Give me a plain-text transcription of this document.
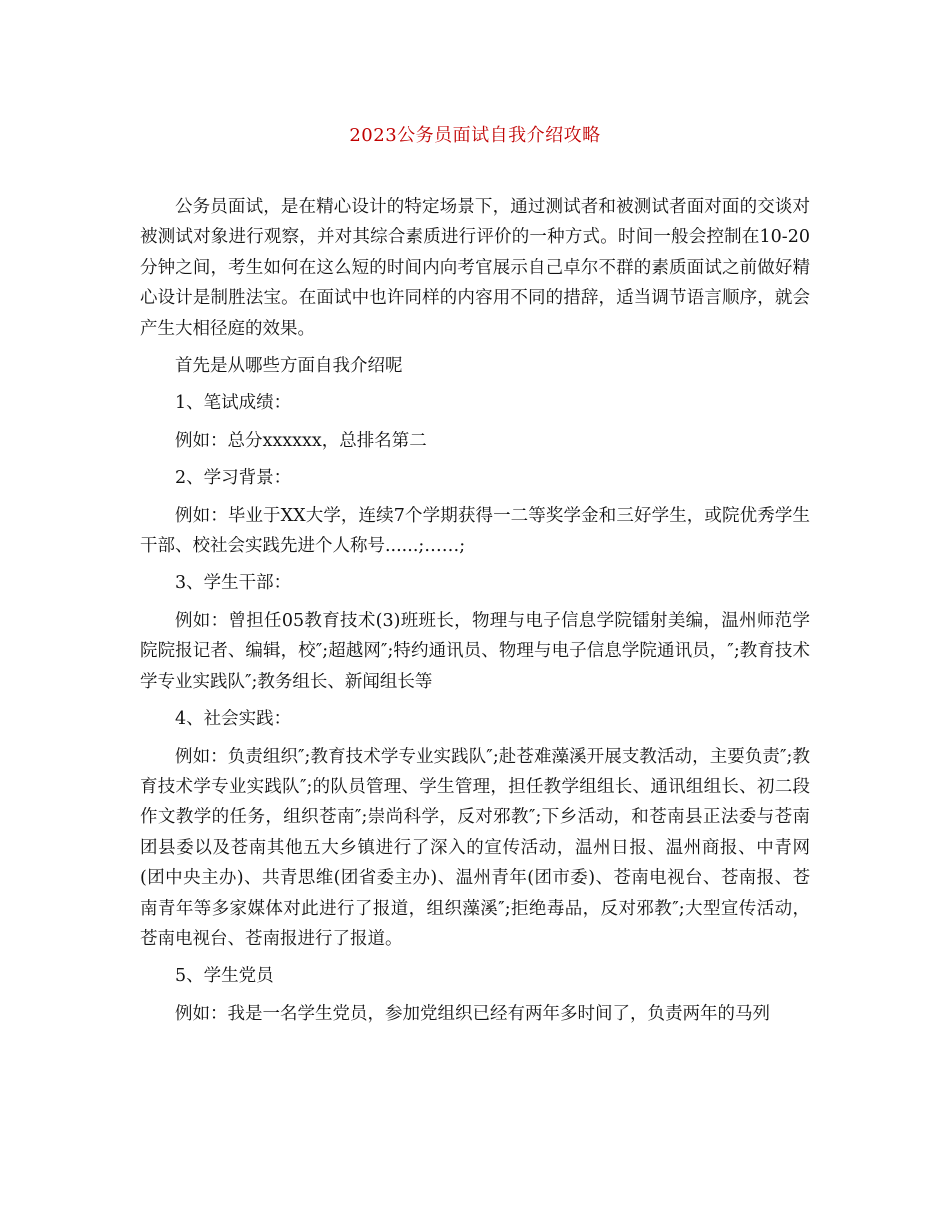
2023公务员面试自我介绍攻略

公务员面试，是在精心设计的特定场景下，通过测试者和被测试者面对面的交谈对被测试对象进行观察，并对其综合素质进行评价的一种方式。时间一般会控制在10-20分钟之间，考生如何在这么短的时间内向考官展示自己卓尔不群的素质面试之前做好精心设计是制胜法宝。在面试中也许同样的内容用不同的措辞，适当调节语言顺序，就会产生大相径庭的效果。

首先是从哪些方面自我介绍呢

1、笔试成绩：

例如：总分xxxxxx，总排名第二

2、学习背景：

例如：毕业于XX大学，连续7个学期获得一二等奖学金和三好学生，或院优秀学生干部、校社会实践先进个人称号......;……;

3、学生干部：

例如：曾担任05教育技术(3)班班长，物理与电子信息学院镭射美编，温州师范学院院报记者、编辑，校″;超越网″;特约通讯员、物理与电子信息学院通讯员，″;教育技术学专业实践队″;教务组长、新闻组长等

4、社会实践：

例如：负责组织″;教育技术学专业实践队″;赴苍难藻溪开展支教活动，主要负责″;教育技术学专业实践队″;的队员管理、学生管理，担任教学组组长、通讯组组长、初二段作文教学的任务，组织苍南″;崇尚科学，反对邪教″;下乡活动，和苍南县正法委与苍南团县委以及苍南其他五大乡镇进行了深入的宣传活动，温州日报、温州商报、中青网(团中央主办)、共青思维(团省委主办)、温州青年(团市委)、苍南电视台、苍南报、苍南青年等多家媒体对此进行了报道，组织藻溪″;拒绝毒品，反对邪教″;大型宣传活动，苍南电视台、苍南报进行了报道。

5、学生党员

例如：我是一名学生党员，参加党组织已经有两年多时间了，负责两年的马列
